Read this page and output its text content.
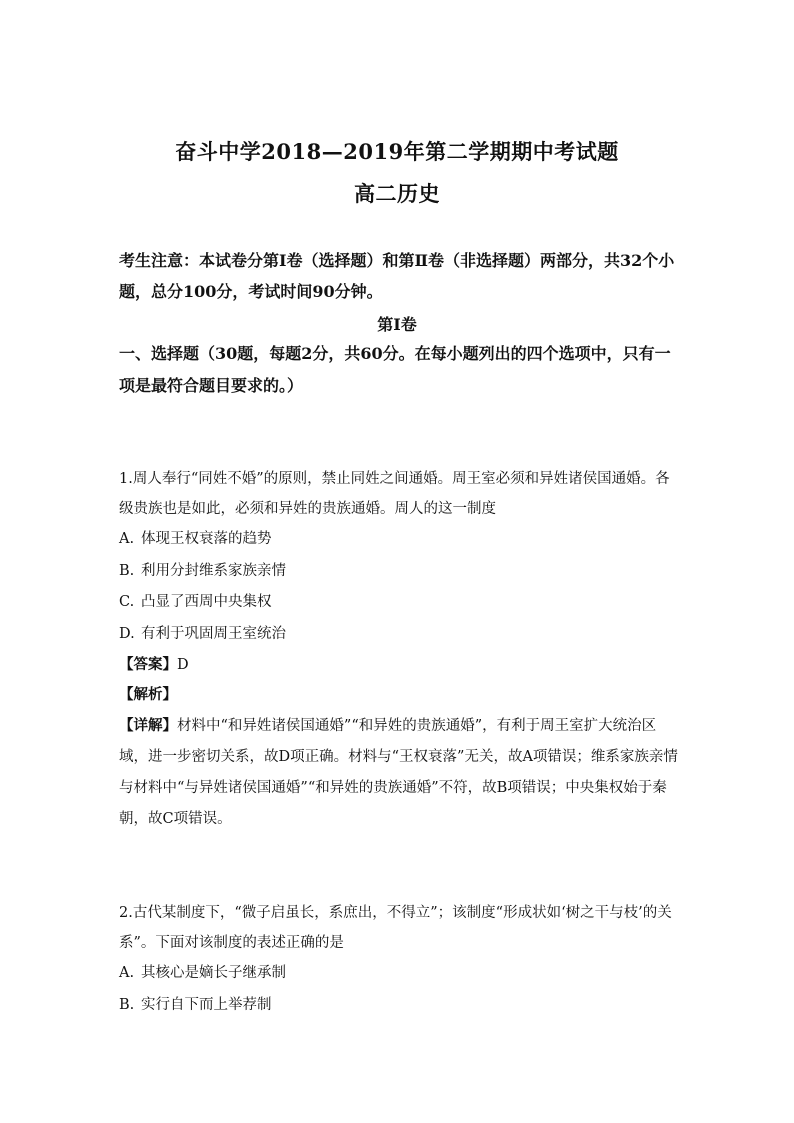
奋斗中学2018—2019年第二学期期中考试题
高二历史
考生注意：本试卷分第Ⅰ卷（选择题）和第Ⅱ卷（非选择题）两部分，共32个小题，总分100分，考试时间90分钟。
第Ⅰ卷
一、选择题（30题，每题2分，共60分。在每小题列出的四个选项中，只有一项是最符合题目要求的。）
1.周人奉行“同姓不婚”的原则，禁止同姓之间通婚。周王室必须和异姓诸侯国通婚。各级贵族也是如此，必须和异姓的贵族通婚。周人的这一制度
A. 体现王权衰落的趋势
B. 利用分封维系家族亲情
C. 凸显了西周中央集权
D. 有利于巩固周王室统治
【答案】D
【解析】
【详解】材料中“和异姓诸侯国通婚”“和异姓的贵族通婚”，有利于周王室扩大统治区域，进一步密切关系，故D项正确。材料与“王权衰落”无关，故A项错误；维系家族亲情与材料中“与异姓诸侯国通婚”“和异姓的贵族通婚”不符，故B项错误；中央集权始于秦朝，故C项错误。
2.古代某制度下，“微子启虽长，系庶出，不得立”；该制度“形成状如‘树之干与枝’的关系”。下面对该制度的表述正确的是
A. 其核心是嫡长子继承制
B. 实行自下而上举荐制
